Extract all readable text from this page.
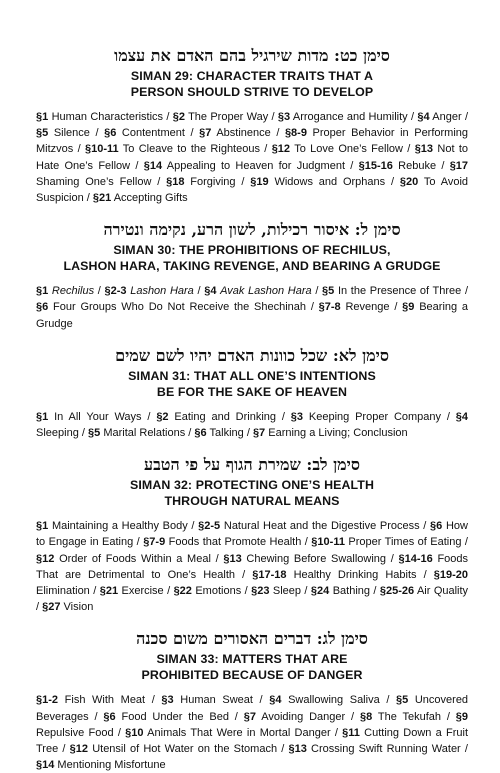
סימן כט: מדות שירגיל בהם האדם את עצמו

SIMAN 29: CHARACTER TRAITS THAT A
PERSON SHOULD STRIVE TO DEVELOP

§1 Human Characteristics / §2 The Proper Way / §3 Arrogance and Humility / §4 Anger / §5 Silence / §6 Contentment / §7 Abstinence / §8-9 Proper Behavior in Performing Mitzvos / §10-11 To Cleave to the Righteous / §12 To Love One’s Fellow / §13 Not to Hate One’s Fellow / §14 Appealing to Heaven for Judgment / §15-16 Rebuke / §17 Shaming One’s Fellow / §18 Forgiving / §19 Widows and Orphans / §20 To Avoid Suspicion / §21 Accepting Gifts

סימן ל: איסור רכילות, לשון הרע, נקימה ונטירה

SIMAN 30: THE PROHIBITIONS OF RECHILUS,
LASHON HARA, TAKING REVENGE, AND BEARING A GRUDGE

§1 Rechilus / §2-3 Lashon Hara / §4 Avak Lashon Hara / §5 In the Presence of Three / §6 Four Groups Who Do Not Receive the Shechinah / §7-8 Revenge / §9 Bearing a Grudge

סימן לא: שכל כוונות האדם יהיו לשם שמים

SIMAN 31: THAT ALL ONE’S INTENTIONS
BE FOR THE SAKE OF HEAVEN

§1 In All Your Ways / §2 Eating and Drinking / §3 Keeping Proper Company / §4 Sleeping / §5 Marital Relations / §6 Talking / §7 Earning a Living; Conclusion

סימן לב: שמירת הגוף על פי הטבע

SIMAN 32: PROTECTING ONE’S HEALTH
THROUGH NATURAL MEANS

§1 Maintaining a Healthy Body / §2-5 Natural Heat and the Digestive Process / §6 How to Engage in Eating / §7-9 Foods that Promote Health / §10-11 Proper Times of Eating / §12 Order of Foods Within a Meal / §13 Chewing Before Swallowing / §14-16 Foods That are Detrimental to One’s Health / §17-18 Healthy Drinking Habits / §19-20 Elimination / §21 Exercise / §22 Emotions / §23 Sleep / §24 Bathing / §25-26 Air Quality / §27 Vision

סימן לג: דברים האסורים משום סכנה

SIMAN 33: MATTERS THAT ARE
PROHIBITED BECAUSE OF DANGER

§1-2 Fish With Meat / §3 Human Sweat / §4 Swallowing Saliva / §5 Uncovered Beverages / §6 Food Under the Bed / §7 Avoiding Danger / §8 The Tekufah / §9 Repulsive Food / §10 Animals That Were in Mortal Danger / §11 Cutting Down a Fruit Tree / §12 Utensil of Hot Water on the Stomach / §13 Crossing Swift Running Water / §14 Mentioning Misfortune
